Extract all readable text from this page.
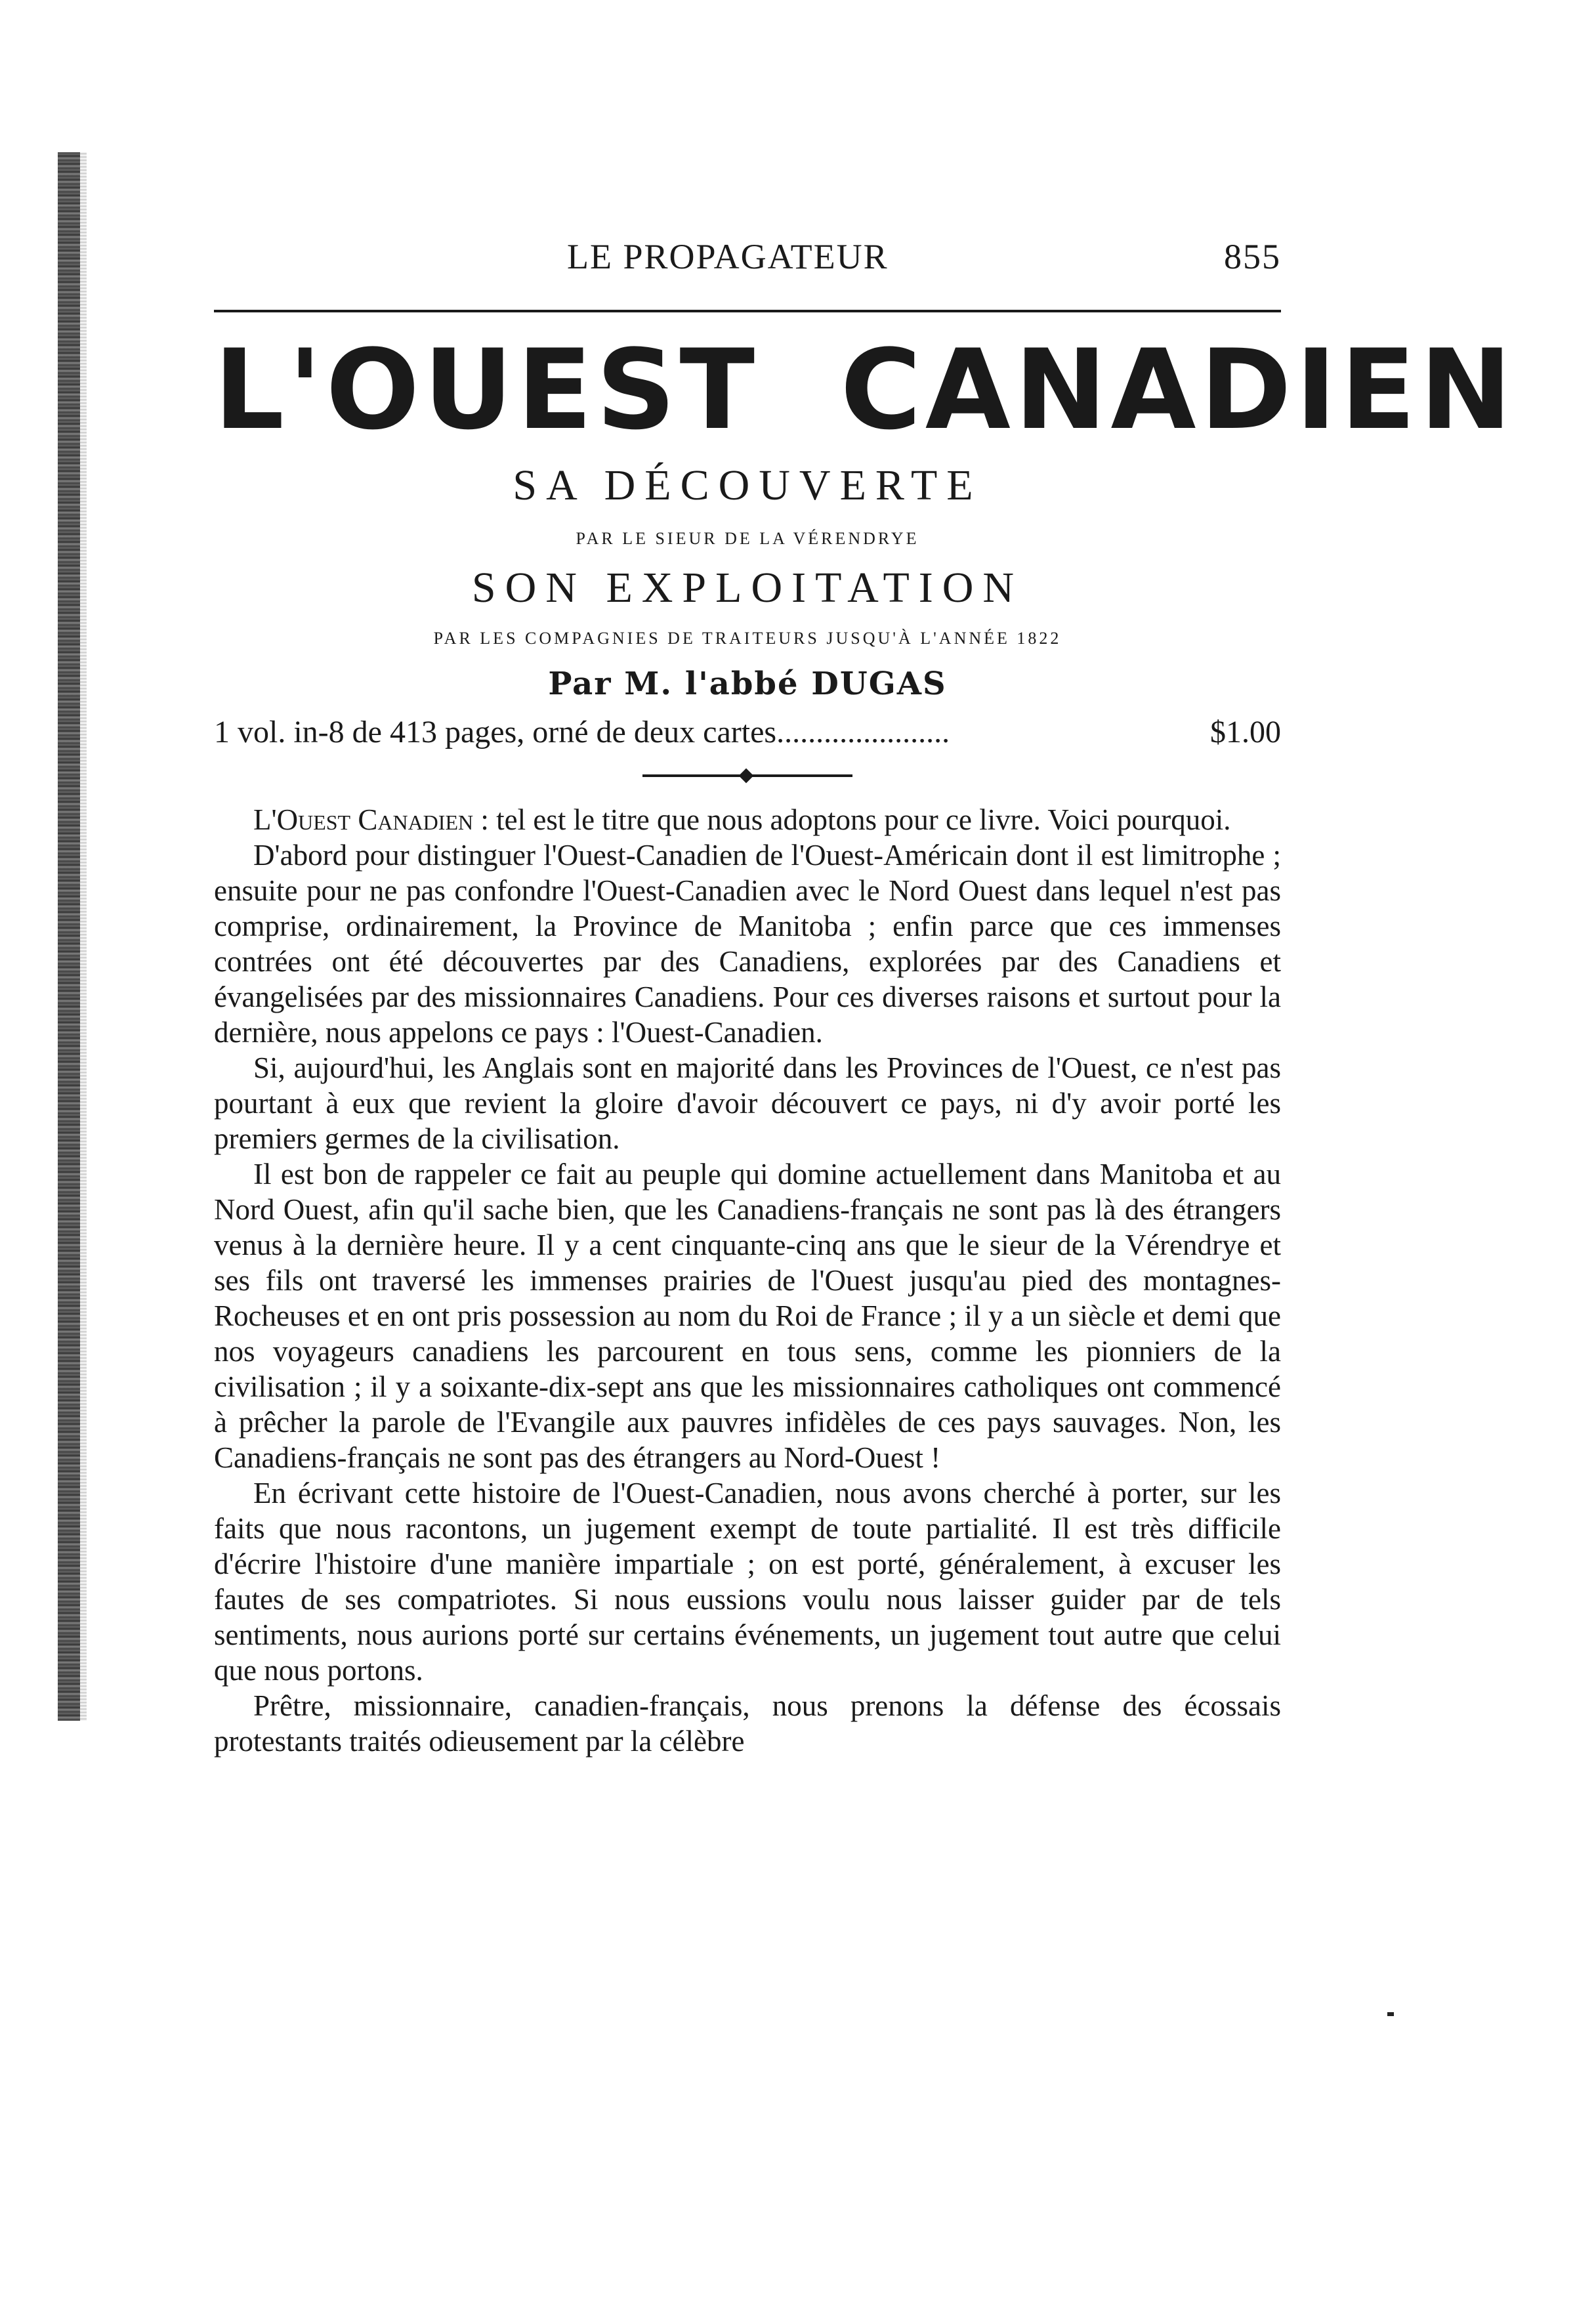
LE PROPAGATEUR	855
L'OUEST CANADIEN
SA DÉCOUVERTE
PAR LE SIEUR DE LA VÉRENDRYE
SON EXPLOITATION
PAR LES COMPAGNIES DE TRAITEURS JUSQU'À L'ANNÉE 1822
Par M. l'abbé DUGAS
1 vol. in-8 de 413 pages, orné de deux cartes......................	$1.00

L'Ouest Canadien : tel est le titre que nous adoptons pour ce livre. Voici pourquoi.

D'abord pour distinguer l'Ouest-Canadien de l'Ouest-Américain dont il est limitrophe ; ensuite pour ne pas confondre l'Ouest-Canadien avec le Nord Ouest dans lequel n'est pas comprise, ordinairement, la Province de Manitoba ; enfin parce que ces immenses contrées ont été découvertes par des Canadiens, explorées par des Canadiens et évangelisées par des missionnaires Canadiens. Pour ces diverses raisons et surtout pour la dernière, nous appelons ce pays : l'Ouest-Canadien.

Si, aujourd'hui, les Anglais sont en majorité dans les Provinces de l'Ouest, ce n'est pas pourtant à eux que revient la gloire d'avoir découvert ce pays, ni d'y avoir porté les premiers germes de la civilisation.

Il est bon de rappeler ce fait au peuple qui domine actuellement dans Manitoba et au Nord Ouest, afin qu'il sache bien, que les Canadiens-français ne sont pas là des étrangers venus à la dernière heure. Il y a cent cinquante-cinq ans que le sieur de la Vérendrye et ses fils ont traversé les immenses prairies de l'Ouest jusqu'au pied des montagnes-Rocheuses et en ont pris possession au nom du Roi de France ; il y a un siècle et demi que nos voyageurs canadiens les parcourent en tous sens, comme les pionniers de la civilisation ; il y a soixante-dix-sept ans que les missionnaires catholiques ont commencé à prêcher la parole de l'Evangile aux pauvres infidèles de ces pays sauvages. Non, les Canadiens-français ne sont pas des étrangers au Nord-Ouest !

En écrivant cette histoire de l'Ouest-Canadien, nous avons cherché à porter, sur les faits que nous racontons, un jugement exempt de toute partialité. Il est très difficile d'écrire l'histoire d'une manière impartiale ; on est porté, généralement, à excuser les fautes de ses compatriotes. Si nous eussions voulu nous laisser guider par de tels sentiments, nous aurions porté sur certains événements, un jugement tout autre que celui que nous portons.

Prêtre, missionnaire, canadien-français, nous prenons la défense des écossais protestants traités odieusement par la célèbre
